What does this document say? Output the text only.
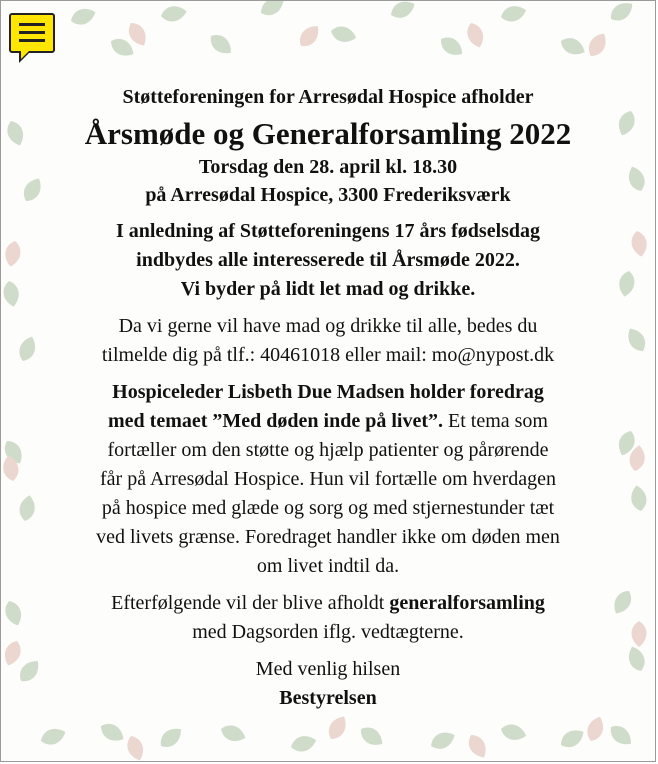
Støtteforeningen for Arresødal Hospice afholder

Årsmøde og Generalforsamling 2022

Torsdag den 28. april kl. 18.30

på Arresødal Hospice, 3300 Frederiksværk

I anledning af Støtteforeningens 17 års fødselsdag

indbydes alle interesserede til Årsmøde 2022.

Vi byder på lidt let mad og drikke.

Da vi gerne vil have mad og drikke til alle, bedes du

tilmelde dig på tlf.: 40461018 eller mail: mo@nypost.dk

Hospiceleder Lisbeth Due Madsen holder foredrag

med temaet ”Med døden inde på livet”. Et tema som

fortæller om den støtte og hjælp patienter og pårørende

får på Arresødal Hospice. Hun vil fortælle om hverdagen

på hospice med glæde og sorg og med stjernestunder tæt

ved livets grænse. Foredraget handler ikke om døden men

om livet indtil da.

Efterfølgende vil der blive afholdt generalforsamling

med Dagsorden iflg. vedtægterne.

Med venlig hilsen

Bestyrelsen
